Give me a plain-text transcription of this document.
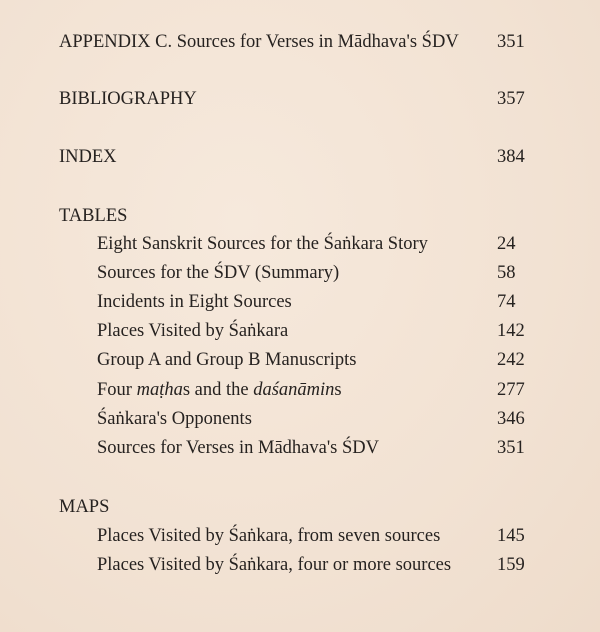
APPENDIX C. Sources for Verses in Mādhava's ŚDV 351
BIBLIOGRAPHY	357
INDEX	384
TABLES
Eight Sanskrit Sources for the Śaṅkara Story	24
Sources for the ŚDV (Summary)	58
Incidents in Eight Sources	74
Places Visited by Śaṅkara	142
Group A and Group B Manuscripts	242
Four maṭhas and the daśanāmins	277
Śaṅkara's Opponents	346
Sources for Verses in Mādhava's ŚDV	351
MAPS
Places Visited by Śaṅkara, from seven sources	145
Places Visited by Śaṅkara, four or more sources 159
